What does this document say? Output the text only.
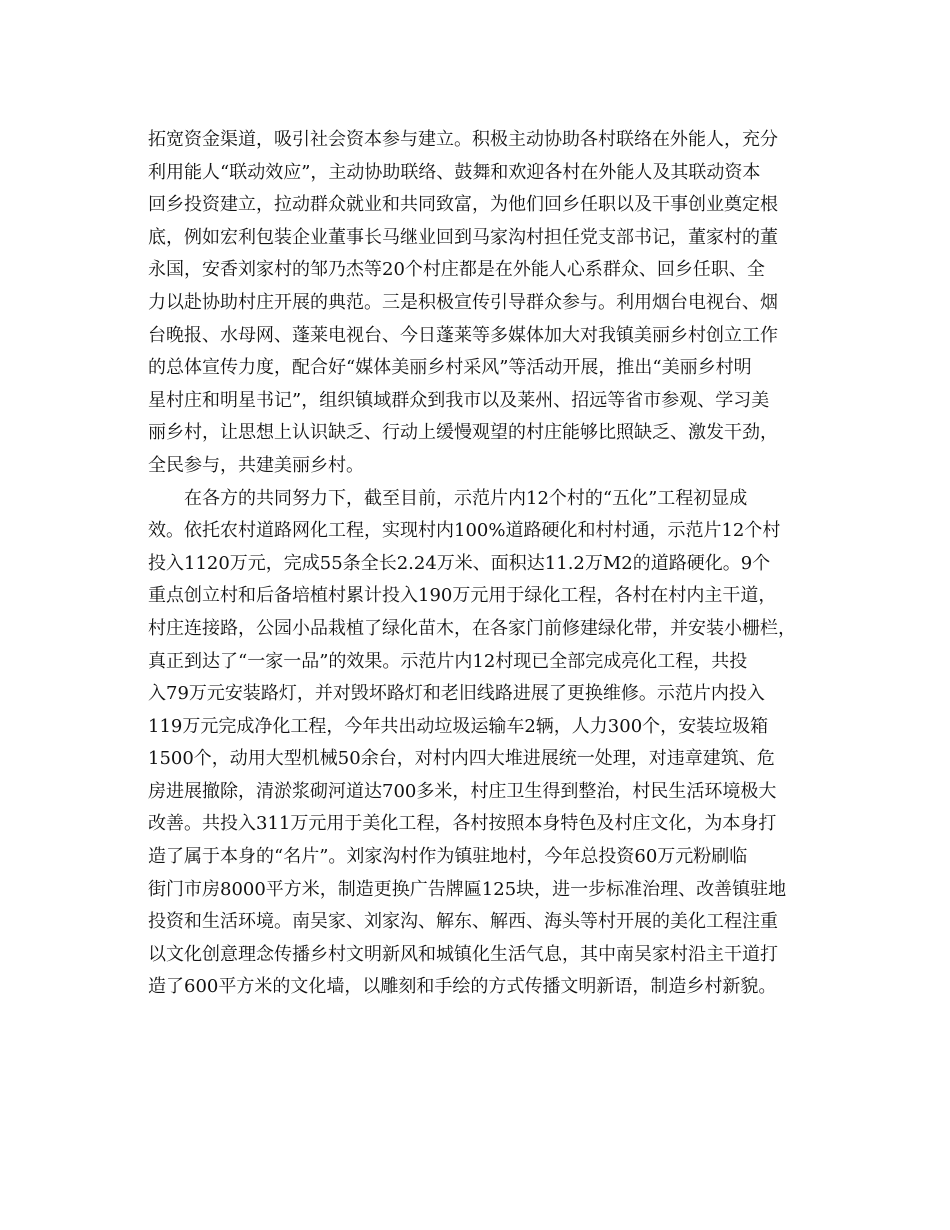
拓宽资金渠道，吸引社会资本参与建立。积极主动协助各村联络在外能人，充分
利用能人“联动效应”，主动协助联络、鼓舞和欢迎各村在外能人及其联动资本
回乡投资建立，拉动群众就业和共同致富，为他们回乡任职以及干事创业奠定根
底，例如宏利包装企业董事长马继业回到马家沟村担任党支部书记，董家村的董
永国，安香刘家村的邹乃杰等20个村庄都是在外能人心系群众、回乡任职、全
力以赴协助村庄开展的典范。三是积极宣传引导群众参与。利用烟台电视台、烟
台晚报、水母网、蓬莱电视台、今日蓬莱等多媒体加大对我镇美丽乡村创立工作
的总体宣传力度，配合好“媒体美丽乡村采风”等活动开展，推出“美丽乡村明
星村庄和明星书记”，组织镇域群众到我市以及莱州、招远等省市参观、学习美
丽乡村，让思想上认识缺乏、行动上缓慢观望的村庄能够比照缺乏、激发干劲，
全民参与，共建美丽乡村。
在各方的共同努力下，截至目前，示范片内12个村的“五化”工程初显成
效。依托农村道路网化工程，实现村内100%道路硬化和村村通，示范片12个村
投入1120万元，完成55条全长2.24万米、面积达11.2万M2的道路硬化。9个
重点创立村和后备培植村累计投入190万元用于绿化工程，各村在村内主干道，
村庄连接路，公园小品栽植了绿化苗木，在各家门前修建绿化带，并安装小栅栏，
真正到达了“一家一品”的效果。示范片内12村现已全部完成亮化工程，共投
入79万元安装路灯，并对毁坏路灯和老旧线路进展了更换维修。示范片内投入
119万元完成净化工程，今年共出动垃圾运输车2辆，人力300个，安装垃圾箱
1500个，动用大型机械50余台，对村内四大堆进展统一处理，对违章建筑、危
房进展撤除，清淤浆砌河道达700多米，村庄卫生得到整治，村民生活环境极大
改善。共投入311万元用于美化工程，各村按照本身特色及村庄文化，为本身打
造了属于本身的“名片”。刘家沟村作为镇驻地村，今年总投资60万元粉刷临
街门市房8000平方米，制造更换广告牌匾125块，进一步标准治理、改善镇驻地
投资和生活环境。南吴家、刘家沟、解东、解西、海头等村开展的美化工程注重
以文化创意理念传播乡村文明新风和城镇化生活气息，其中南吴家村沿主干道打
造了600平方米的文化墙，以雕刻和手绘的方式传播文明新语，制造乡村新貌。
